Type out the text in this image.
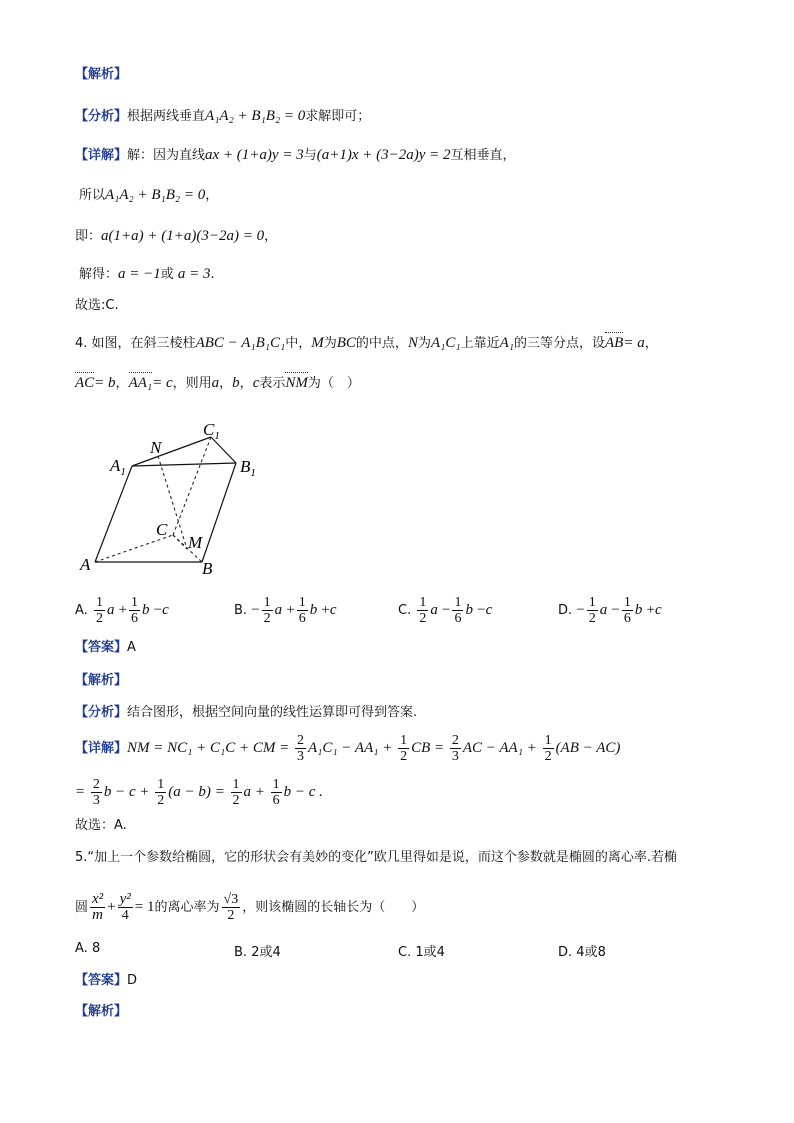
【解析】
【分析】根据两线垂直A₁A₂ + B₁B₂ = 0求解即可；
【详解】解：因为直线ax + (1+a)y = 3与(a+1)x + (3−2a)y = 2互相垂直，
所以A₁A₂ + B₁B₂ = 0，
即：a(1+a) + (1+a)(3−2a) = 0，
解得：a = −1或 a = 3.
故选:C.
4. 如图，在斜三棱柱ABC − A₁B₁C₁中，M为BC的中点，N为A₁C₁上靠近A₁的三等分点，设AB= a，
AC= b，AA₁= c，则用a，b，c表示NM为（　）
$C_1$
N
$A_1$	$B_1$
C
M
A	B
A. $\frac{1}{2}$ $a + \frac{1}{6}$ b −c	B. − $\frac{1}{2}$ $a + \frac{1}{6}$ b +c	C. $\frac{1}{2}$ $a - \frac{1}{6}$ b −c	D. − $\frac{1}{2}$ $a - \frac{1}{6}$ b +c
【答案】A
【解析】
【分析】结合图形，根据空间向量的线性运算即可得到答案.
【详解】NM = NC₁ + C₁C + CM = $\frac{2}{3} A_1C_1 - AA_1 + \frac{1}{2}$ CB = $\frac{2}{3}$ AC − $AA_1 + \frac{1}{2} (AB - AC)$
= $\frac{2}{3}$ $b - c + \frac{1}{2} (a - b) = \frac{1}{2}$ $a + \frac{1}{6}$ b − c .
故选：A.
5.“加上一个参数给椭圆，它的形状会有美妙的变化”欧几里得如是说，而这个参数就是椭圆的离心率.若椭
圆 $\frac{\text{x²}}{m} + \frac{\text{y²}}{4} = 1$的离心率为 $\frac{√3}{2}$ ，则该椭圆的长轴长为（　　）
A. 8	B. 2或4	C. 1或4	D. 4或8
【答案】D
【解析】
